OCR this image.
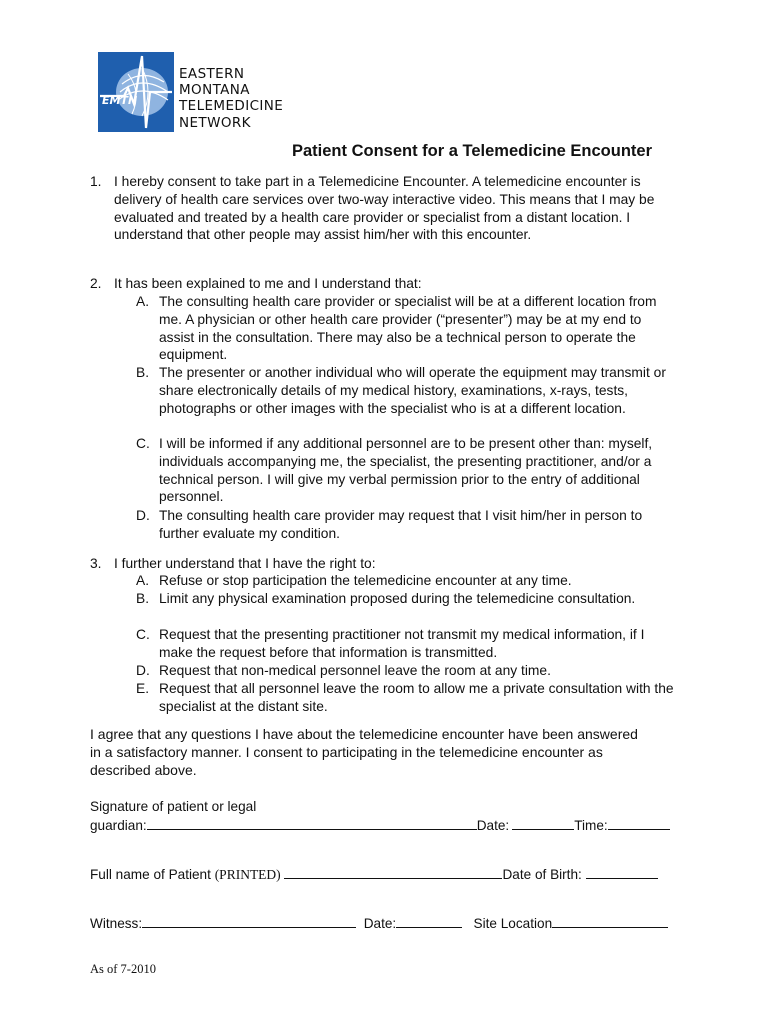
EMTN
EASTERN
MONTANA
TELEMEDICINE
NETWORK
Patient Consent for a Telemedicine Encounter
1. I hereby consent to take part in a Telemedicine Encounter. A telemedicine encounter is delivery of health care services over two-way interactive video. This means that I may be evaluated and treated by a health care provider or specialist from a distant location. I understand that other people may assist him/her with this encounter.

2. It has been explained to me and I understand that:

A. The consulting health care provider or specialist will be at a different location from me. A physician or other health care provider (“presenter”) may be at my end to assist in the consultation. There may also be a technical person to operate the equipment.

B. The presenter or another individual who will operate the equipment may transmit or share electronically details of my medical history, examinations, x-rays, tests, photographs or other images with the specialist who is at a different location.

C. I will be informed if any additional personnel are to be present other than: myself, individuals accompanying me, the specialist, the presenting practitioner, and/or a technical person. I will give my verbal permission prior to the entry of additional personnel.

D. The consulting health care provider may request that I visit him/her in person to further evaluate my condition.

3. I further understand that I have the right to:

A. Refuse or stop participation the telemedicine encounter at any time.

B. Limit any physical examination proposed during the telemedicine consultation.

C. Request that the presenting practitioner not transmit my medical information, if I make the request before that information is transmitted.

D. Request that non-medical personnel leave the room at any time.

E. Request that all personnel leave the room to allow me a private consultation with the specialist at the distant site.

I agree that any questions I have about the telemedicine encounter have been answered in a satisfactory manner. I consent to participating in the telemedicine encounter as described above.

Signature of patient or legal
guardian:	Date:	Time:
Full name of Patient (PRINTED)	Date of Birth:
Witness:	Date:	Site Location
As of 7-2010
